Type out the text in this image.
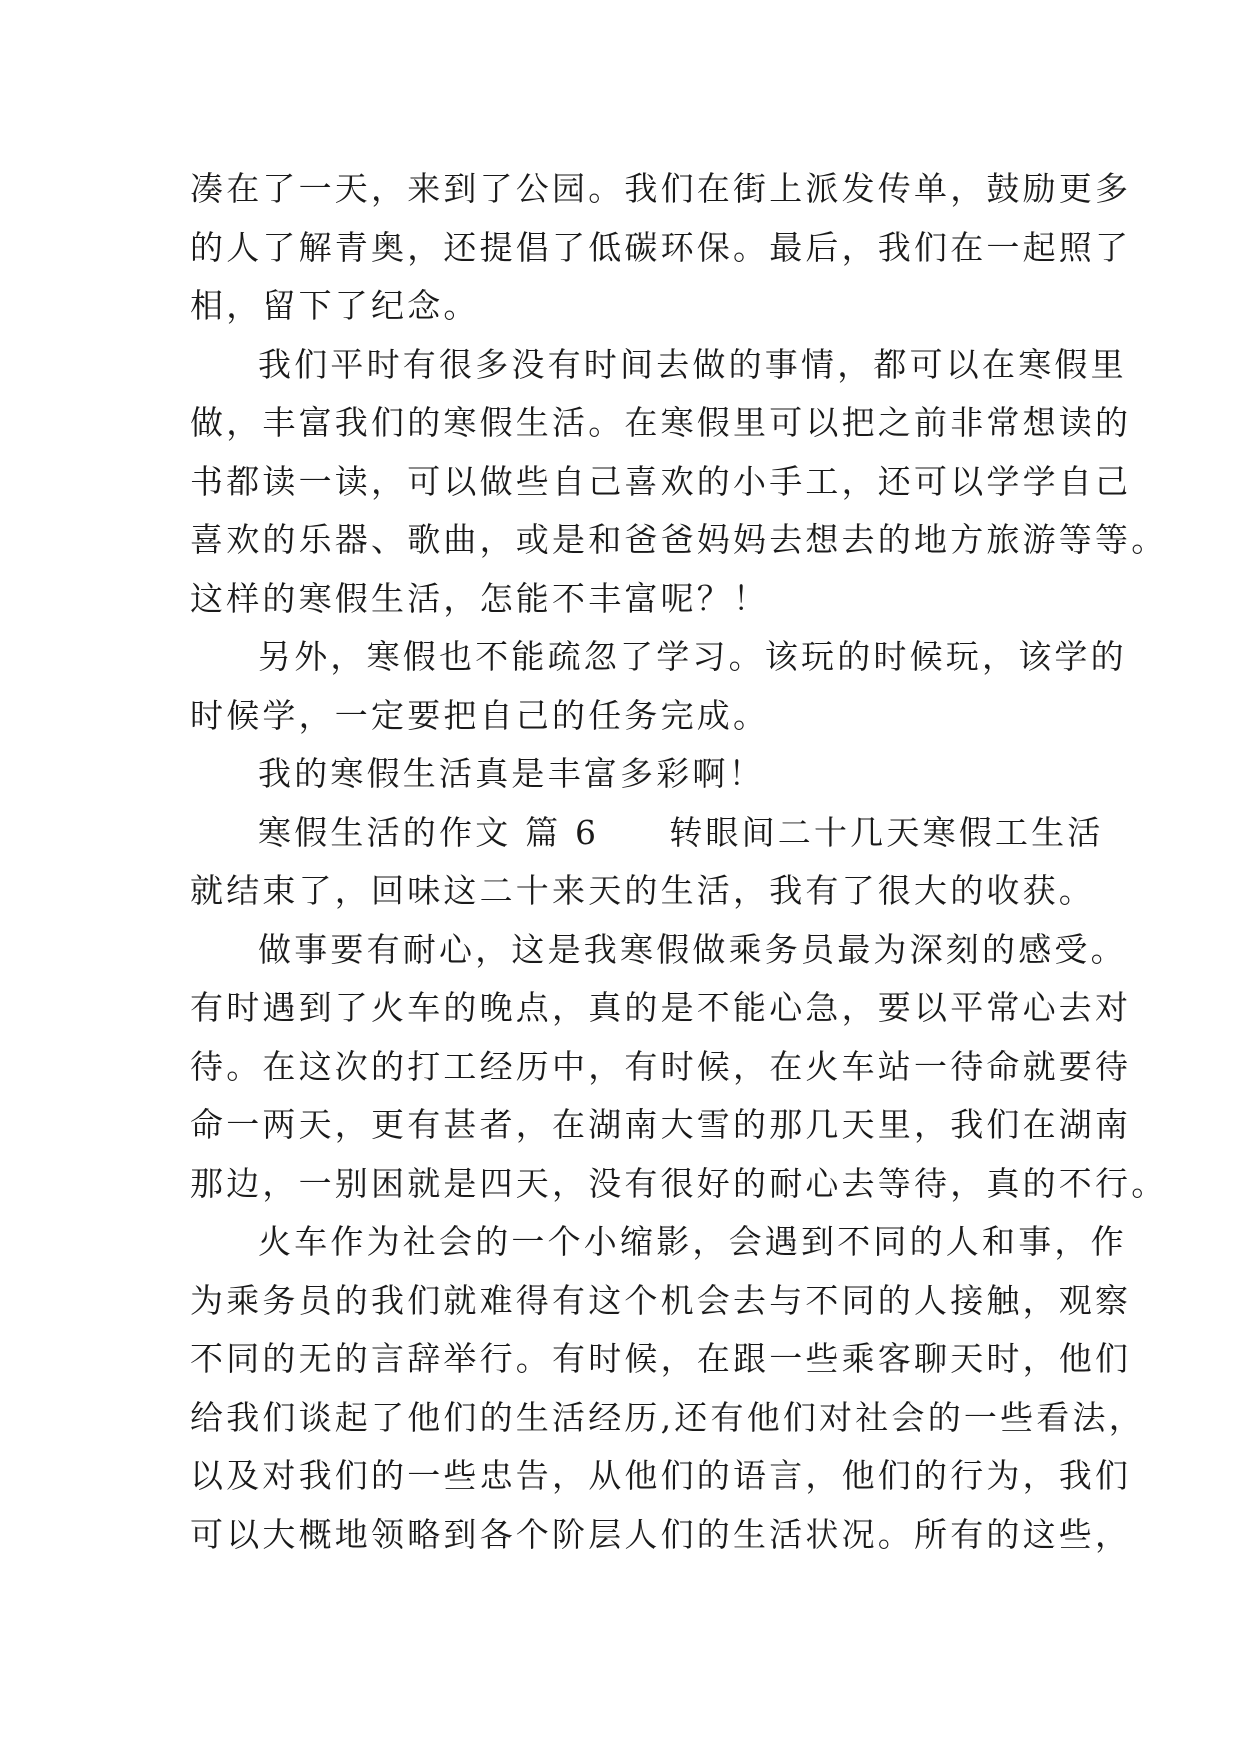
凑在了一天，来到了公园。我们在街上派发传单，鼓励更多
的人了解青奥，还提倡了低碳环保。最后，我们在一起照了
相，留下了纪念。
我们平时有很多没有时间去做的事情，都可以在寒假里
做，丰富我们的寒假生活。在寒假里可以把之前非常想读的
书都读一读，可以做些自己喜欢的小手工，还可以学学自己
喜欢的乐器、歌曲，或是和爸爸妈妈去想去的地方旅游等等。
这样的寒假生活，怎能不丰富呢？！
另外，寒假也不能疏忽了学习。该玩的时候玩，该学的
时候学，一定要把自己的任务完成。
我的寒假生活真是丰富多彩啊！
寒假生活的作文 篇 6 转眼间二十几天寒假工生活
就结束了，回味这二十来天的生活，我有了很大的收获。
做事要有耐心，这是我寒假做乘务员最为深刻的感受。
有时遇到了火车的晚点，真的是不能心急，要以平常心去对
待。在这次的打工经历中，有时候，在火车站一待命就要待
命一两天，更有甚者，在湖南大雪的那几天里，我们在湖南
那边，一别困就是四天，没有很好的耐心去等待，真的不行。
火车作为社会的一个小缩影，会遇到不同的人和事，作
为乘务员的我们就难得有这个机会去与不同的人接触，观察
不同的无的言辞举行。有时候，在跟一些乘客聊天时，他们
给我们谈起了他们的生活经历,还有他们对社会的一些看法，
以及对我们的一些忠告，从他们的语言，他们的行为，我们
可以大概地领略到各个阶层人们的生活状况。所有的这些，
